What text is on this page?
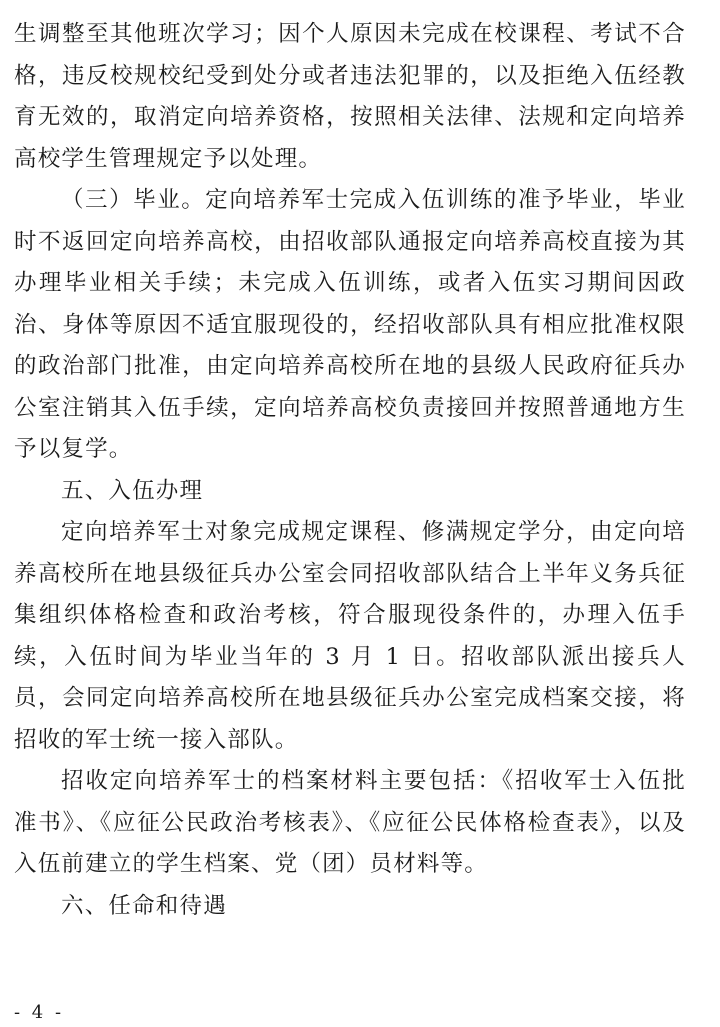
生调整至其他班次学习；因个人原因未完成在校课程、考试不合格，违反校规校纪受到处分或者违法犯罪的，以及拒绝入伍经教育无效的，取消定向培养资格，按照相关法律、法规和定向培养高校学生管理规定予以处理。

（三）毕业。定向培养军士完成入伍训练的准予毕业，毕业时不返回定向培养高校，由招收部队通报定向培养高校直接为其办理毕业相关手续；未完成入伍训练，或者入伍实习期间因政治、身体等原因不适宜服现役的，经招收部队具有相应批准权限的政治部门批准，由定向培养高校所在地的县级人民政府征兵办公室注销其入伍手续，定向培养高校负责接回并按照普通地方生予以复学。

五、入伍办理

定向培养军士对象完成规定课程、修满规定学分，由定向培养高校所在地县级征兵办公室会同招收部队结合上半年义务兵征集组织体格检查和政治考核，符合服现役条件的，办理入伍手续，入伍时间为毕业当年的 3 月 1 日。招收部队派出接兵人员，会同定向培养高校所在地县级征兵办公室完成档案交接，将招收的军士统一接入部队。

招收定向培养军士的档案材料主要包括：《招收军士入伍批准书》、《应征公民政治考核表》、《应征公民体格检查表》，以及入伍前建立的学生档案、党（团）员材料等。

六、任命和待遇
- 4 -
